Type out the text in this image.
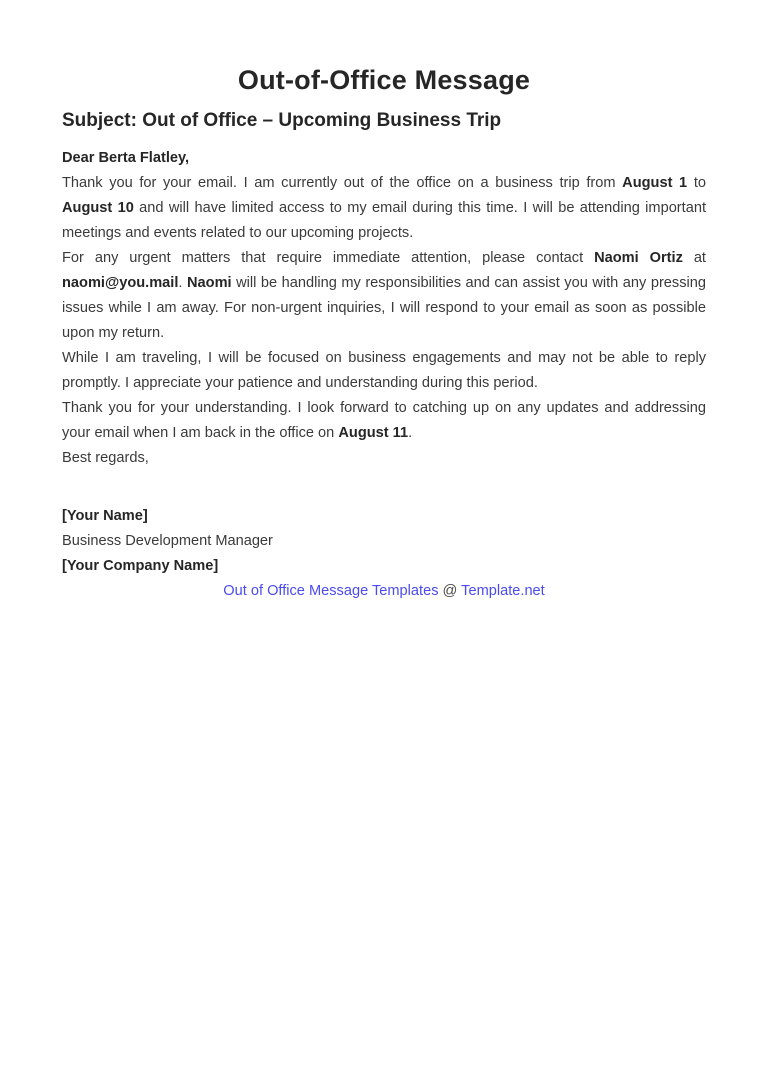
Out-of-Office Message
Subject: Out of Office – Upcoming Business Trip

Dear Berta Flatley,

Thank you for your email. I am currently out of the office on a business trip from August 1 to August 10 and will have limited access to my email during this time. I will be attending important meetings and events related to our upcoming projects.

For any urgent matters that require immediate attention, please contact Naomi Ortiz at naomi@you.mail. Naomi will be handling my responsibilities and can assist you with any pressing issues while I am away. For non-urgent inquiries, I will respond to your email as soon as possible upon my return.

While I am traveling, I will be focused on business engagements and may not be able to reply promptly. I appreciate your patience and understanding during this period.

Thank you for your understanding. I look forward to catching up on any updates and addressing your email when I am back in the office on August 11.

Best regards,

[Your Name]

Business Development Manager

[Your Company Name]

Out of Office Message Templates @ Template.net
